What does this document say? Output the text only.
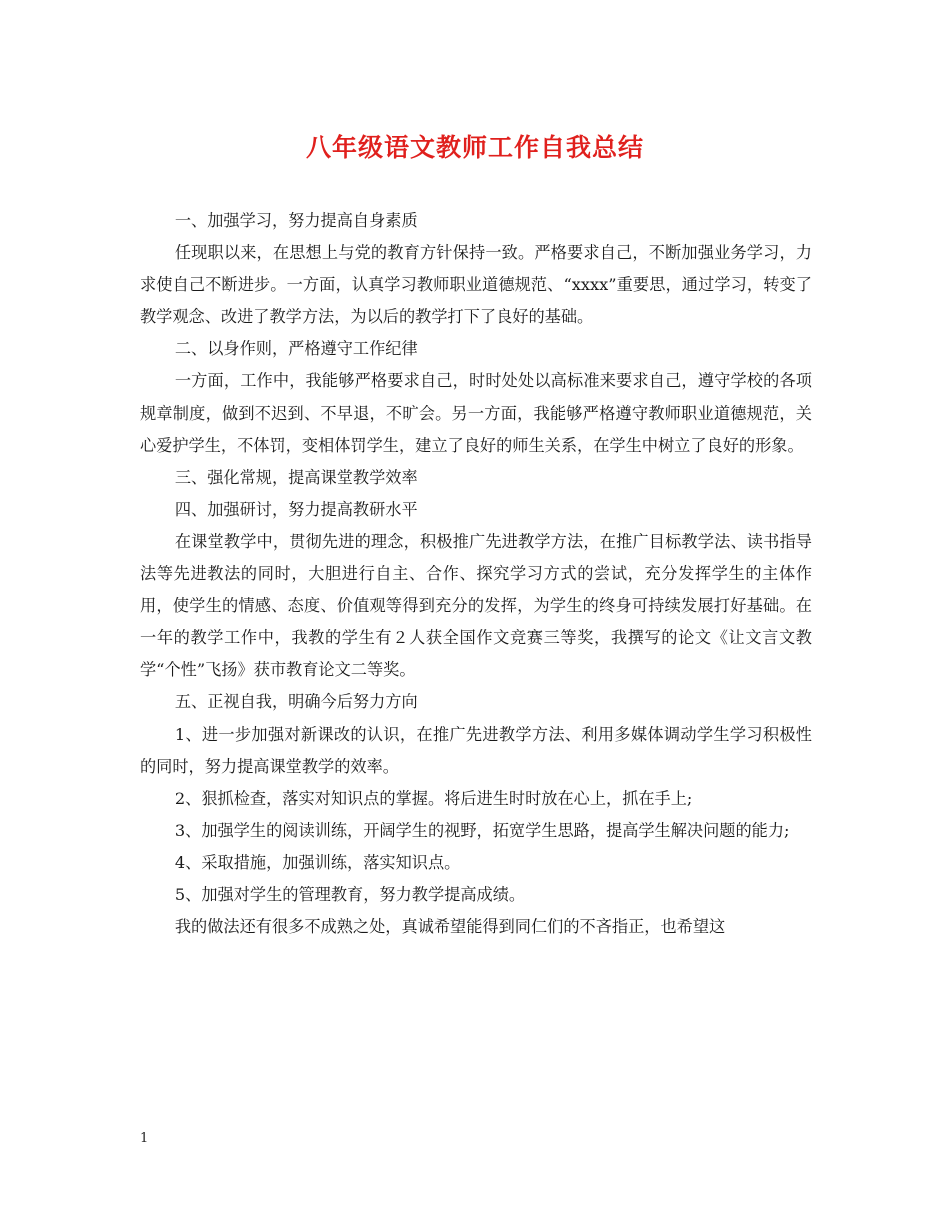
八年级语文教师工作自我总结

一、加强学习，努力提高自身素质

任现职以来，在思想上与党的教育方针保持一致。严格要求自己，不断加强业务学习，力求使自己不断进步。一方面，认真学习教师职业道德规范、“xxxx”重要思，通过学习，转变了教学观念、改进了教学方法，为以后的教学打下了良好的基础。

二、以身作则，严格遵守工作纪律

一方面，工作中，我能够严格要求自己，时时处处以高标准来要求自己，遵守学校的各项规章制度，做到不迟到、不早退，不旷会。另一方面，我能够严格遵守教师职业道德规范，关心爱护学生，不体罚，变相体罚学生，建立了良好的师生关系，在学生中树立了良好的形象。

三、强化常规，提高课堂教学效率

四、加强研讨，努力提高教研水平

在课堂教学中，贯彻先进的理念，积极推广先进教学方法，在推广目标教学法、读书指导法等先进教法的同时，大胆进行自主、合作、探究学习方式的尝试，充分发挥学生的主体作用，使学生的情感、态度、价值观等得到充分的发挥，为学生的终身可持续发展打好基础。在一年的教学工作中，我教的学生有２人获全国作文竞赛三等奖，我撰写的论文《让文言文教学“个性”飞扬》获市教育论文二等奖。

五、正视自我，明确今后努力方向

1、进一步加强对新课改的认识，在推广先进教学方法、利用多媒体调动学生学习积极性的同时，努力提高课堂教学的效率。

2、狠抓检查，落实对知识点的掌握。将后进生时时放在心上，抓在手上;

3、加强学生的阅读训练，开阔学生的视野，拓宽学生思路，提高学生解决问题的能力;

4、采取措施，加强训练，落实知识点。

5、加强对学生的管理教育，努力教学提高成绩。

我的做法还有很多不成熟之处，真诚希望能得到同仁们的不吝指正，也希望这

1
